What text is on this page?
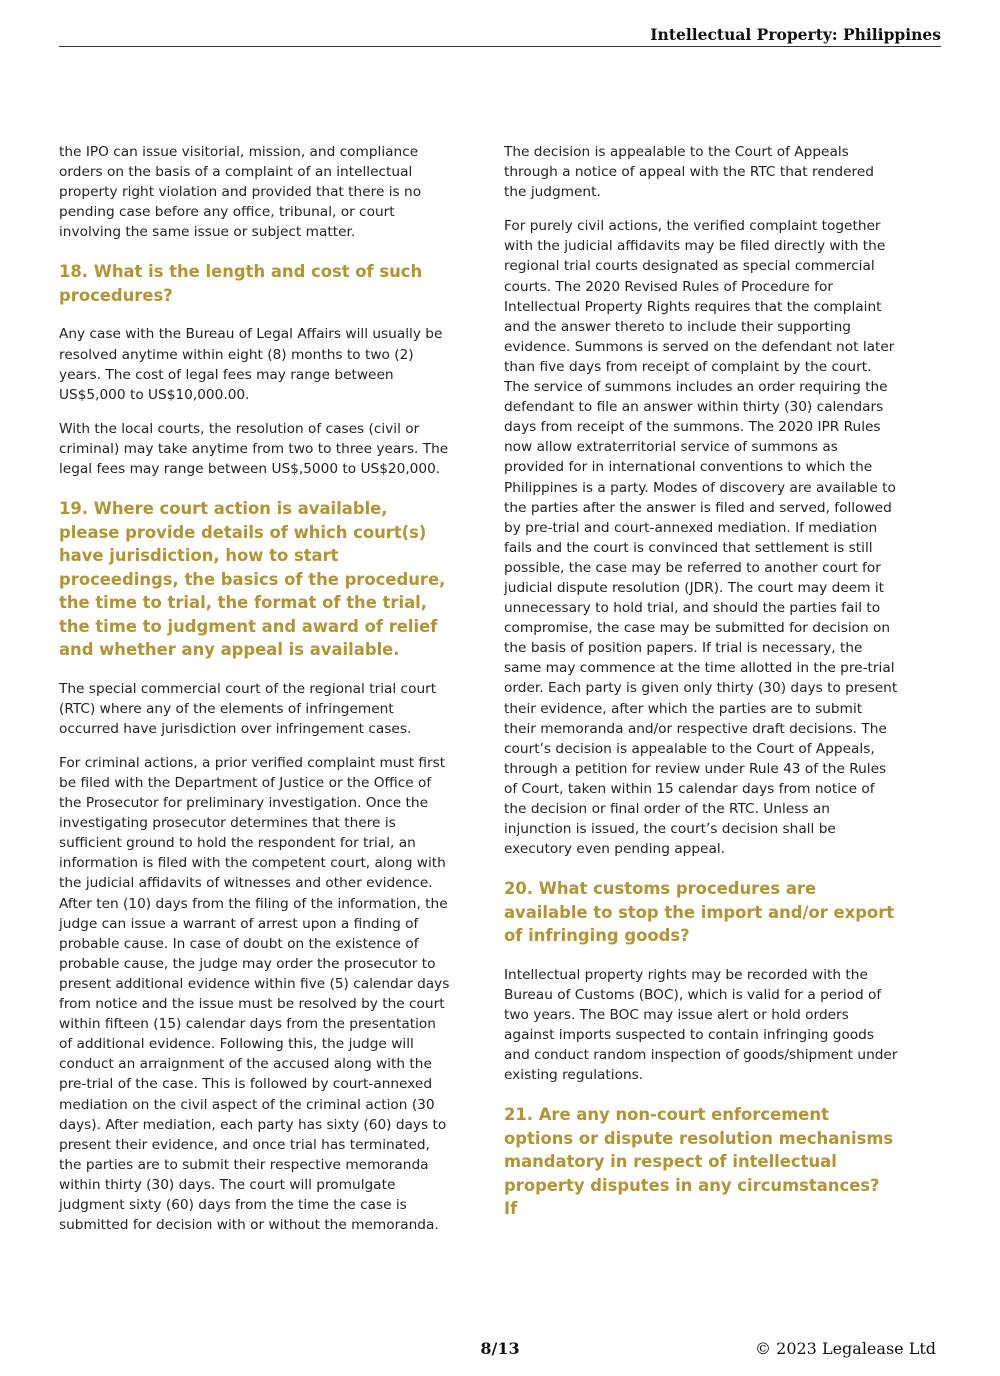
Intellectual Property: Philippines

the IPO can issue visitorial, mission, and compliance orders on the basis of a complaint of an intellectual property right violation and provided that there is no pending case before any office, tribunal, or court involving the same issue or subject matter.

18. What is the length and cost of such procedures?

Any case with the Bureau of Legal Affairs will usually be resolved anytime within eight (8) months to two (2) years. The cost of legal fees may range between US$5,000 to US$10,000.00.

With the local courts, the resolution of cases (civil or criminal) may take anytime from two to three years. The legal fees may range between US$,5000 to US$20,000.

19. Where court action is available, please provide details of which court(s) have jurisdiction, how to start proceedings, the basics of the procedure, the time to trial, the format of the trial, the time to judgment and award of relief and whether any appeal is available.

The special commercial court of the regional trial court (RTC) where any of the elements of infringement occurred have jurisdiction over infringement cases.

For criminal actions, a prior verified complaint must first be filed with the Department of Justice or the Office of the Prosecutor for preliminary investigation. Once the investigating prosecutor determines that there is sufficient ground to hold the respondent for trial, an information is filed with the competent court, along with the judicial affidavits of witnesses and other evidence. After ten (10) days from the filing of the information, the judge can issue a warrant of arrest upon a finding of probable cause. In case of doubt on the existence of probable cause, the judge may order the prosecutor to present additional evidence within five (5) calendar days from notice and the issue must be resolved by the court within fifteen (15) calendar days from the presentation of additional evidence. Following this, the judge will conduct an arraignment of the accused along with the pre-trial of the case. This is followed by court-annexed mediation on the civil aspect of the criminal action (30 days). After mediation, each party has sixty (60) days to present their evidence, and once trial has terminated, the parties are to submit their respective memoranda within thirty (30) days. The court will promulgate judgment sixty (60) days from the time the case is submitted for decision with or without the memoranda.

The decision is appealable to the Court of Appeals through a notice of appeal with the RTC that rendered the judgment.

For purely civil actions, the verified complaint together with the judicial affidavits may be filed directly with the regional trial courts designated as special commercial courts. The 2020 Revised Rules of Procedure for Intellectual Property Rights requires that the complaint and the answer thereto to include their supporting evidence. Summons is served on the defendant not later than five days from receipt of complaint by the court. The service of summons includes an order requiring the defendant to file an answer within thirty (30) calendars days from receipt of the summons. The 2020 IPR Rules now allow extraterritorial service of summons as provided for in international conventions to which the Philippines is a party. Modes of discovery are available to the parties after the answer is filed and served, followed by pre-trial and court-annexed mediation. If mediation fails and the court is convinced that settlement is still possible, the case may be referred to another court for judicial dispute resolution (JDR). The court may deem it unnecessary to hold trial, and should the parties fail to compromise, the case may be submitted for decision on the basis of position papers. If trial is necessary, the same may commence at the time allotted in the pre-trial order. Each party is given only thirty (30) days to present their evidence, after which the parties are to submit their memoranda and/or respective draft decisions. The court’s decision is appealable to the Court of Appeals, through a petition for review under Rule 43 of the Rules of Court, taken within 15 calendar days from notice of the decision or final order of the RTC. Unless an injunction is issued, the court’s decision shall be executory even pending appeal.

20. What customs procedures are available to stop the import and/or export of infringing goods?

Intellectual property rights may be recorded with the Bureau of Customs (BOC), which is valid for a period of two years. The BOC may issue alert or hold orders against imports suspected to contain infringing goods and conduct random inspection of goods/shipment under existing regulations.

21. Are any non-court enforcement options or dispute resolution mechanisms mandatory in respect of intellectual property disputes in any circumstances? If
8/13	© 2023 Legalease Ltd
